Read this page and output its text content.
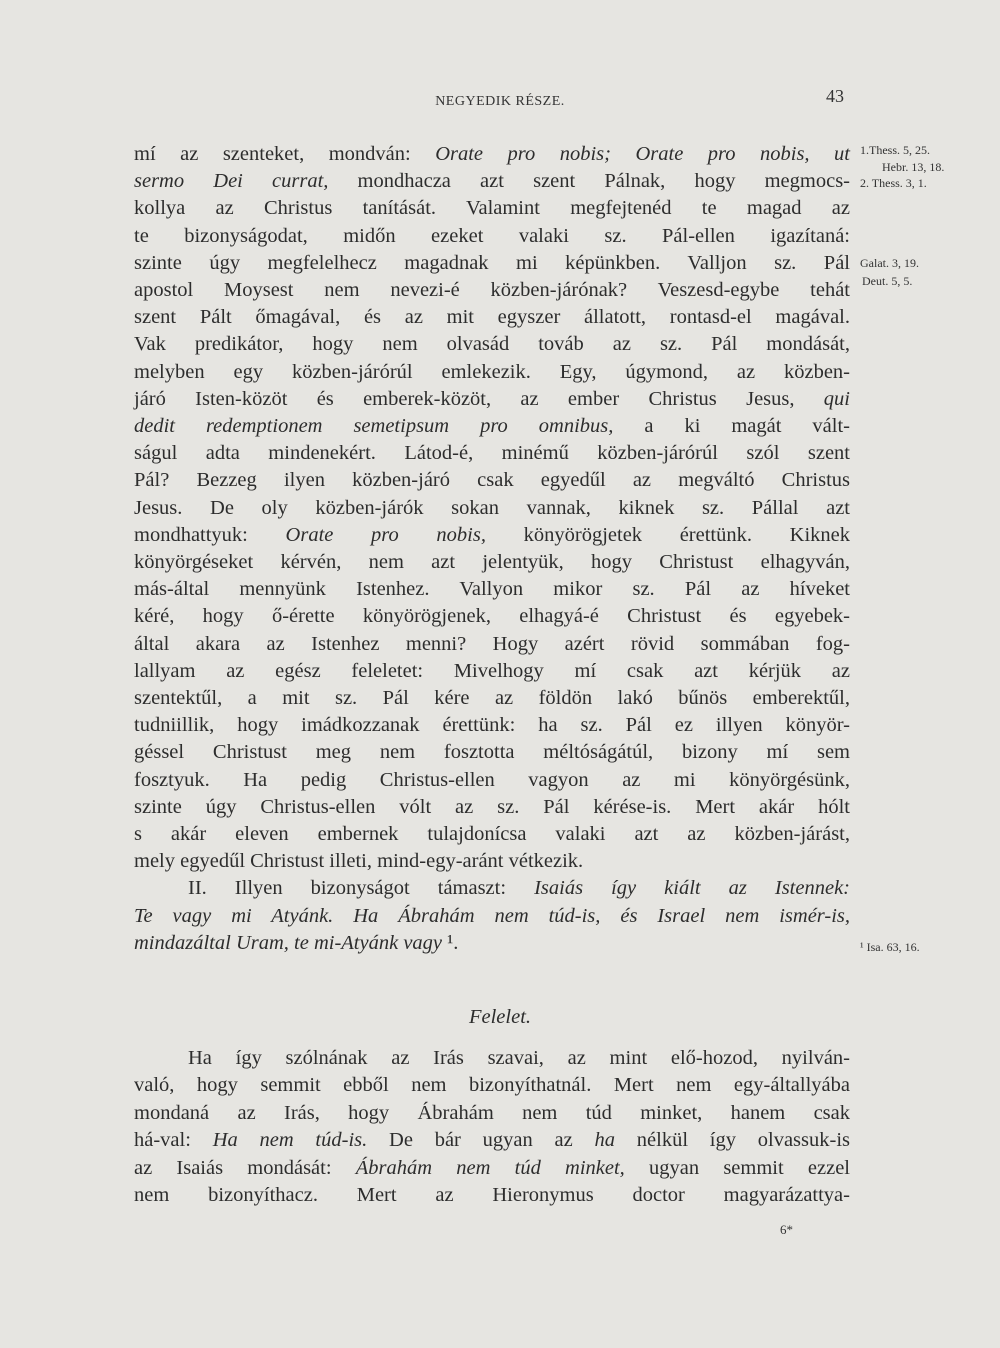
NEGYEDIK RÉSZE.	43
1.Thess. 5, 25.
Hebr. 13, 18.
2. Thess. 3, 1.
Galat. 3, 19.
Deut. 5, 5.
¹ Isa. 63, 16.
mí az szenteket, mondván: Orate pro nobis; Orate pro nobis, ut
sermo Dei currat, mondhacza azt szent Pálnak, hogy megmocs-
kollya az Christus tanítását. Valamint megfejtenéd te magad az
te bizonyságodat, midőn ezeket valaki sz. Pál-ellen igazítaná:
szinte úgy megfelelhecz magadnak mi képünkben. Valljon sz. Pál
apostol Moysest nem nevezi-é közben-járónak? Veszesd-egybe tehát
szent Pált őmagával, és az mit egyszer állatott, rontasd-el magával.
Vak predikátor, hogy nem olvasád továb az sz. Pál mondását,
melyben egy közben-járórúl emlekezik. Egy, úgymond, az közben-
járó Isten-közöt és emberek-közöt, az ember Christus Jesus, qui
dedit redemptionem semetipsum pro omnibus, a ki magát vált-
ságul adta mindenekért. Látod-é, minémű közben-járórúl szól szent
Pál? Bezzeg ilyen közben-járó csak egyedűl az megváltó Christus
Jesus. De oly közben-járók sokan vannak, kiknek sz. Pállal azt
mondhattyuk: Orate pro nobis, könyörögjetek érettünk. Kiknek
könyörgéseket kérvén, nem azt jelentyük, hogy Christust elhagyván,
más-által mennyünk Istenhez. Vallyon mikor sz. Pál az híveket
kéré, hogy ő-érette könyörögjenek, elhagyá-é Christust és egyebek-
által akara az Istenhez menni? Hogy azért rövid sommában fog-
lallyam az egész feleletet: Mivelhogy mí csak azt kérjük az
szentektűl, a mit sz. Pál kére az földön lakó bűnös emberektűl,
tudniillik, hogy imádkozzanak érettünk: ha sz. Pál ez illyen könyör-
géssel Christust meg nem fosztotta méltóságátúl, bizony mí sem
fosztyuk. Ha pedig Christus-ellen vagyon az mi könyörgésünk,
szinte úgy Christus-ellen vólt az sz. Pál kérése-is. Mert akár hólt
s akár eleven embernek tulajdonícsa valaki azt az közben-járást,
mely egyedűl Christust illeti, mind-egy-aránt vétkezik.
II. Illyen bizonyságot támaszt: Isaiás így kiált az Istennek:
Te vagy mi Atyánk. Ha Ábrahám nem túd-is, és Israel nem ismér-is,
mindazáltal Uram, te mi-Atyánk vagy ¹.
Felelet.
Ha így szólnának az Irás szavai, az mint elő-hozod, nyilván-
való, hogy semmit ebből nem bizonyíthatnál. Mert nem egy-általlyába
mondaná az Irás, hogy Ábrahám nem túd minket, hanem csak
há-val: Ha nem túd-is. De bár ugyan az ha nélkül így olvassuk-is
az Isaiás mondását: Ábrahám nem túd minket, ugyan semmit ezzel
nem bizonyíthacz. Mert az Hieronymus doctor magyarázattya-
6*
